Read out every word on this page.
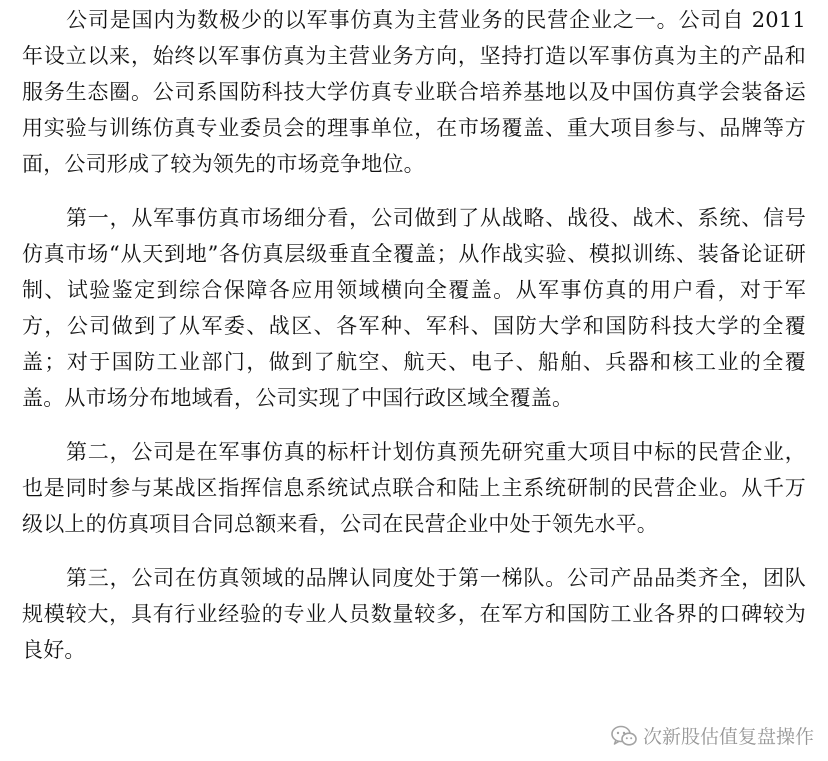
公司是国内为数极少的以军事仿真为主营业务的民营企业之一。公司自 2011 年设立以来，始终以军事仿真为主营业务方向，坚持打造以军事仿真为主的产品和服务生态圈。公司系国防科技大学仿真专业联合培养基地以及中国仿真学会装备运用实验与训练仿真专业委员会的理事单位，在市场覆盖、重大项目参与、品牌等方面，公司形成了较为领先的市场竞争地位。

第一，从军事仿真市场细分看，公司做到了从战略、战役、战术、系统、信号仿真市场“从天到地”各仿真层级垂直全覆盖；从作战实验、模拟训练、装备论证研制、试验鉴定到综合保障各应用领域横向全覆盖。从军事仿真的用户看，对于军方，公司做到了从军委、战区、各军种、军科、国防大学和国防科技大学的全覆盖；对于国防工业部门，做到了航空、航天、电子、船舶、兵器和核工业的全覆盖。从市场分布地域看，公司实现了中国行政区域全覆盖。

第二，公司是在军事仿真的标杆计划仿真预先研究重大项目中标的民营企业，也是同时参与某战区指挥信息系统试点联合和陆上主系统研制的民营企业。从千万级以上的仿真项目合同总额来看，公司在民营企业中处于领先水平。

第三，公司在仿真领域的品牌认同度处于第一梯队。公司产品品类齐全，团队规模较大，具有行业经验的专业人员数量较多，在军方和国防工业各界的口碑较为良好。

次新股估值复盘操作
